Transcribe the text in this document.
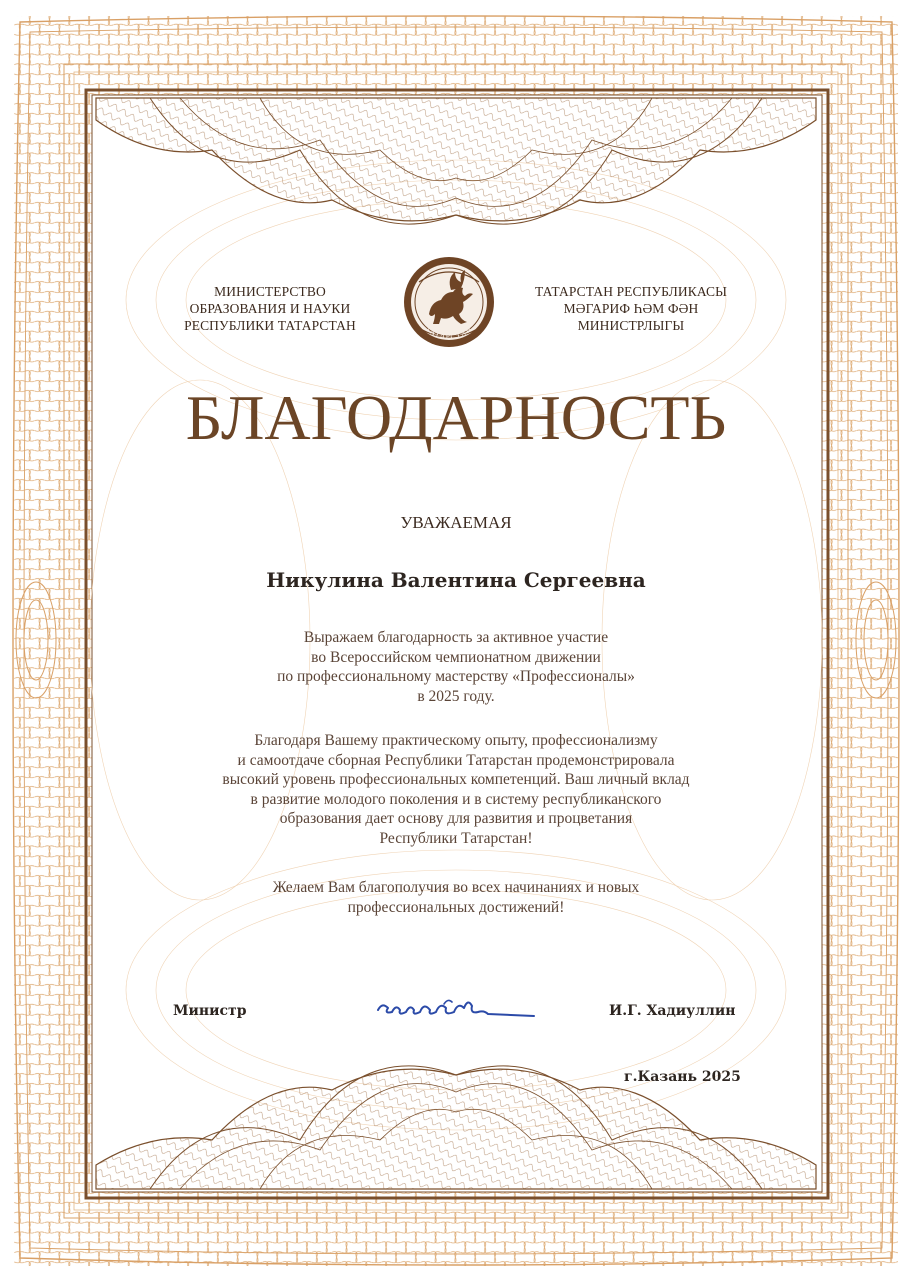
МИНИСТЕРСТВО
ОБРАЗОВАНИЯ И НАУКИ
РЕСПУБЛИКИ ТАТАРСТАН	ТАТАРСТАН
ТАТАРСТАН РЕСПУБЛИКАСЫ
МӘГАРИФ ҺӘМ ФӘН
МИНИСТРЛЫГЫ
БЛАГОДАРНОСТЬ
УВАЖАЕМАЯ
Никулина Валентина Сергеевна
Выражаем благодарность за активное участие
во Всероссийском чемпионатном движении
по профессиональному мастерству «Профессионалы»
в 2025 году.
Благодаря Вашему практическому опыту, профессионализму
и самоотдаче сборная Республики Татарстан продемонстрировала
высокий уровень профессиональных компетенций. Ваш личный вклад
в развитие молодого поколения и в систему республиканского
образования дает основу для развития и процветания
Республики Татарстан!
Желаем Вам благополучия во всех начинаниях и новых
профессиональных достижений!
Министр	И.Г. Хадиуллин
г.Казань 2025
